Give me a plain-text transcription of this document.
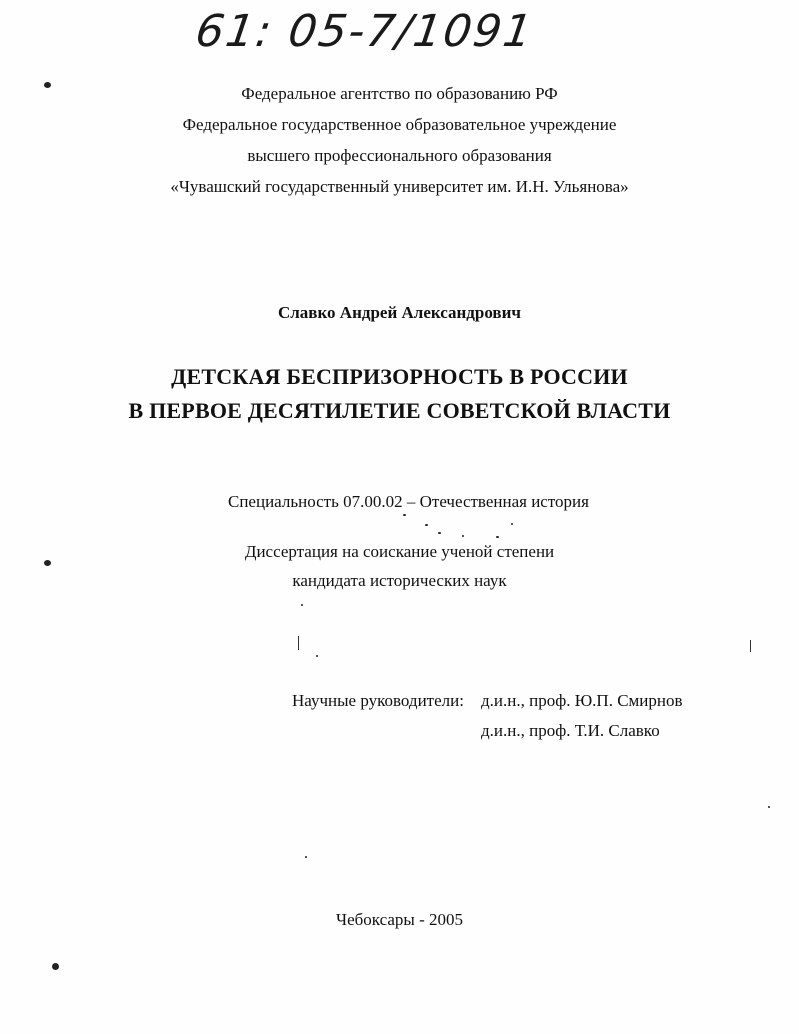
61: 05-7/1091
Федеральное агентство по образованию РФ
Федеральное государственное образовательное учреждение
высшего профессионального образования
«Чувашский государственный университет им. И.Н. Ульянова»
Славко Андрей Александрович
ДЕТСКАЯ БЕСПРИЗОРНОСТЬ В РОССИИ
В ПЕРВОЕ ДЕСЯТИЛЕТИЕ СОВЕТСКОЙ ВЛАСТИ
Специальность 07.00.02 – Отечественная история
Диссертация на соискание ученой степени
кандидата исторических наук
Научные руководители: д.и.н., проф. Ю.П. Смирнов
д.и.н., проф. Т.И. Славко
Чебоксары - 2005
